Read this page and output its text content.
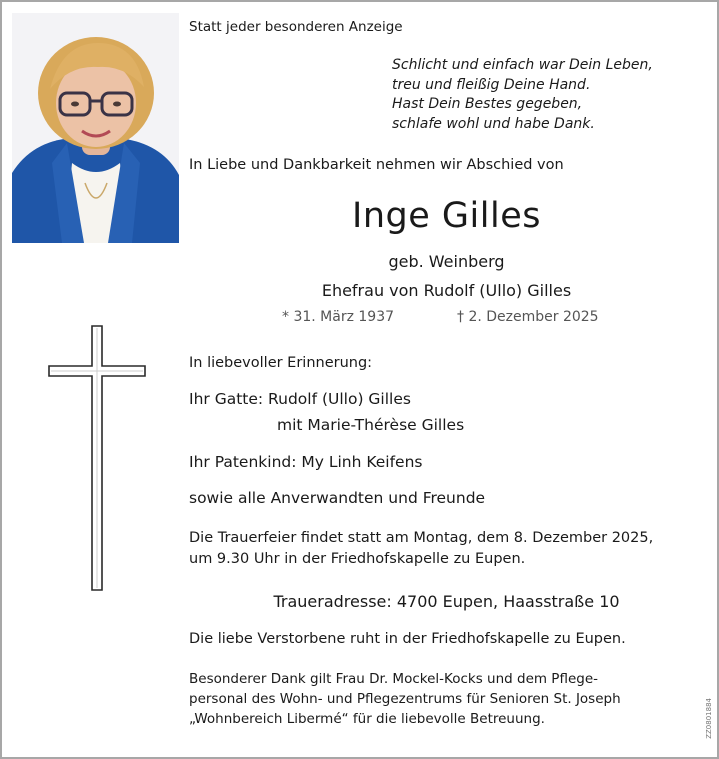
Statt jeder besonderen Anzeige
Schlicht und einfach war Dein Leben,
treu und fleißig Deine Hand.
Hast Dein Bestes gegeben,
schlafe wohl und habe Dank.
In Liebe und Dankbarkeit nehmen wir Abschied von
Inge Gilles
geb. Weinberg
Ehefrau von Rudolf (Ullo) Gilles
* 31. März 1937	† 2. Dezember 2025
In liebevoller Erinnerung:
Ihr Gatte: Rudolf (Ullo) Gilles
mit Marie-Thérèse Gilles
Ihr Patenkind: My Linh Keifens
sowie alle Anverwandten und Freunde
Die Trauerfeier findet statt am Montag, dem 8. Dezember 2025,
um 9.30 Uhr in der Friedhofskapelle zu Eupen.
Traueradresse: 4700 Eupen, Haasstraße 10
Die liebe Verstorbene ruht in der Friedhofskapelle zu Eupen.
Besonderer Dank gilt Frau Dr. Mockel-Kocks und dem Pflege-
personal des Wohn- und Pflegezentrums für Senioren St. Joseph
„Wohnbereich Libermé“ für die liebevolle Betreuung.	ZZ0801884
